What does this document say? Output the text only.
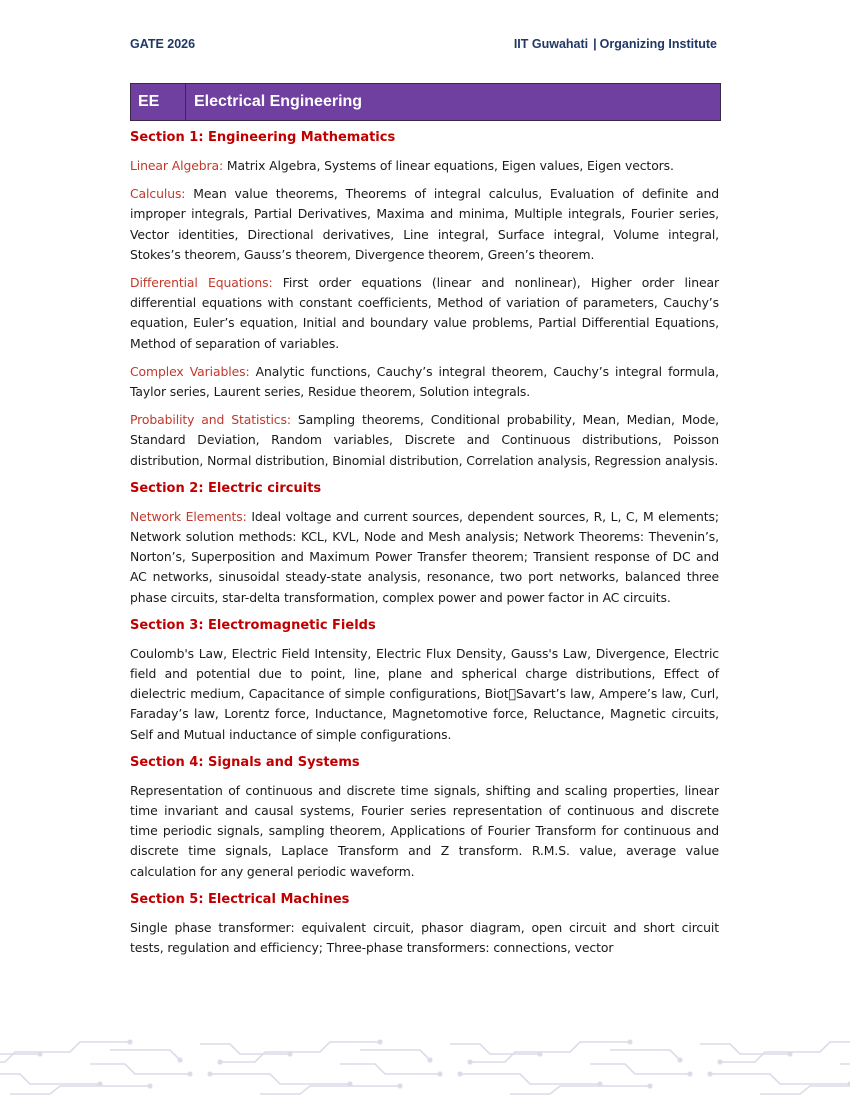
GATE 2026	IIT Guwahati | Organizing Institute
EE	Electrical Engineering
Section 1: Engineering Mathematics

Linear Algebra: Matrix Algebra, Systems of linear equations, Eigen values, Eigen vectors.

Calculus: Mean value theorems, Theorems of integral calculus, Evaluation of definite and improper integrals, Partial Derivatives, Maxima and minima, Multiple integrals, Fourier series, Vector identities, Directional derivatives, Line integral, Surface integral, Volume integral, Stokes’s theorem, Gauss’s theorem, Divergence theorem, Green’s theorem.

Differential Equations: First order equations (linear and nonlinear), Higher order linear differential equations with constant coefficients, Method of variation of parameters, Cauchy’s equation, Euler’s equation, Initial and boundary value problems, Partial Differential Equations, Method of separation of variables.

Complex Variables: Analytic functions, Cauchy’s integral theorem, Cauchy’s integral formula, Taylor series, Laurent series, Residue theorem, Solution integrals.

Probability and Statistics: Sampling theorems, Conditional probability, Mean, Median, Mode, Standard Deviation, Random variables, Discrete and Continuous distributions, Poisson distribution, Normal distribution, Binomial distribution, Correlation analysis, Regression analysis.

Section 2: Electric circuits

Network Elements: Ideal voltage and current sources, dependent sources, R, L, C, M elements; Network solution methods: KCL, KVL, Node and Mesh analysis; Network Theorems: Thevenin’s, Norton’s, Superposition and Maximum Power Transfer theorem; Transient response of DC and AC networks, sinusoidal steady-state analysis, resonance, two port networks, balanced three phase circuits, star-delta transformation, complex power and power factor in AC circuits.

Section 3: Electromagnetic Fields

Coulomb's Law, Electric Field Intensity, Electric Flux Density, Gauss's Law, Divergence, Electric field and potential due to point, line, plane and spherical charge distributions, Effect of dielectric medium, Capacitance of simple configurations, Biot Savart’s law, Ampere’s law, Curl, Faraday’s law, Lorentz force, Inductance, Magnetomotive force, Reluctance, Magnetic circuits, Self and Mutual inductance of simple configurations.

Section 4: Signals and Systems

Representation of continuous and discrete time signals, shifting and scaling properties, linear time invariant and causal systems, Fourier series representation of continuous and discrete time periodic signals, sampling theorem, Applications of Fourier Transform for continuous and discrete time signals, Laplace Transform and Z transform. R.M.S. value, average value calculation for any general periodic waveform.

Section 5: Electrical Machines

Single phase transformer: equivalent circuit, phasor diagram, open circuit and short circuit tests, regulation and efficiency; Three-phase transformers: connections, vector
